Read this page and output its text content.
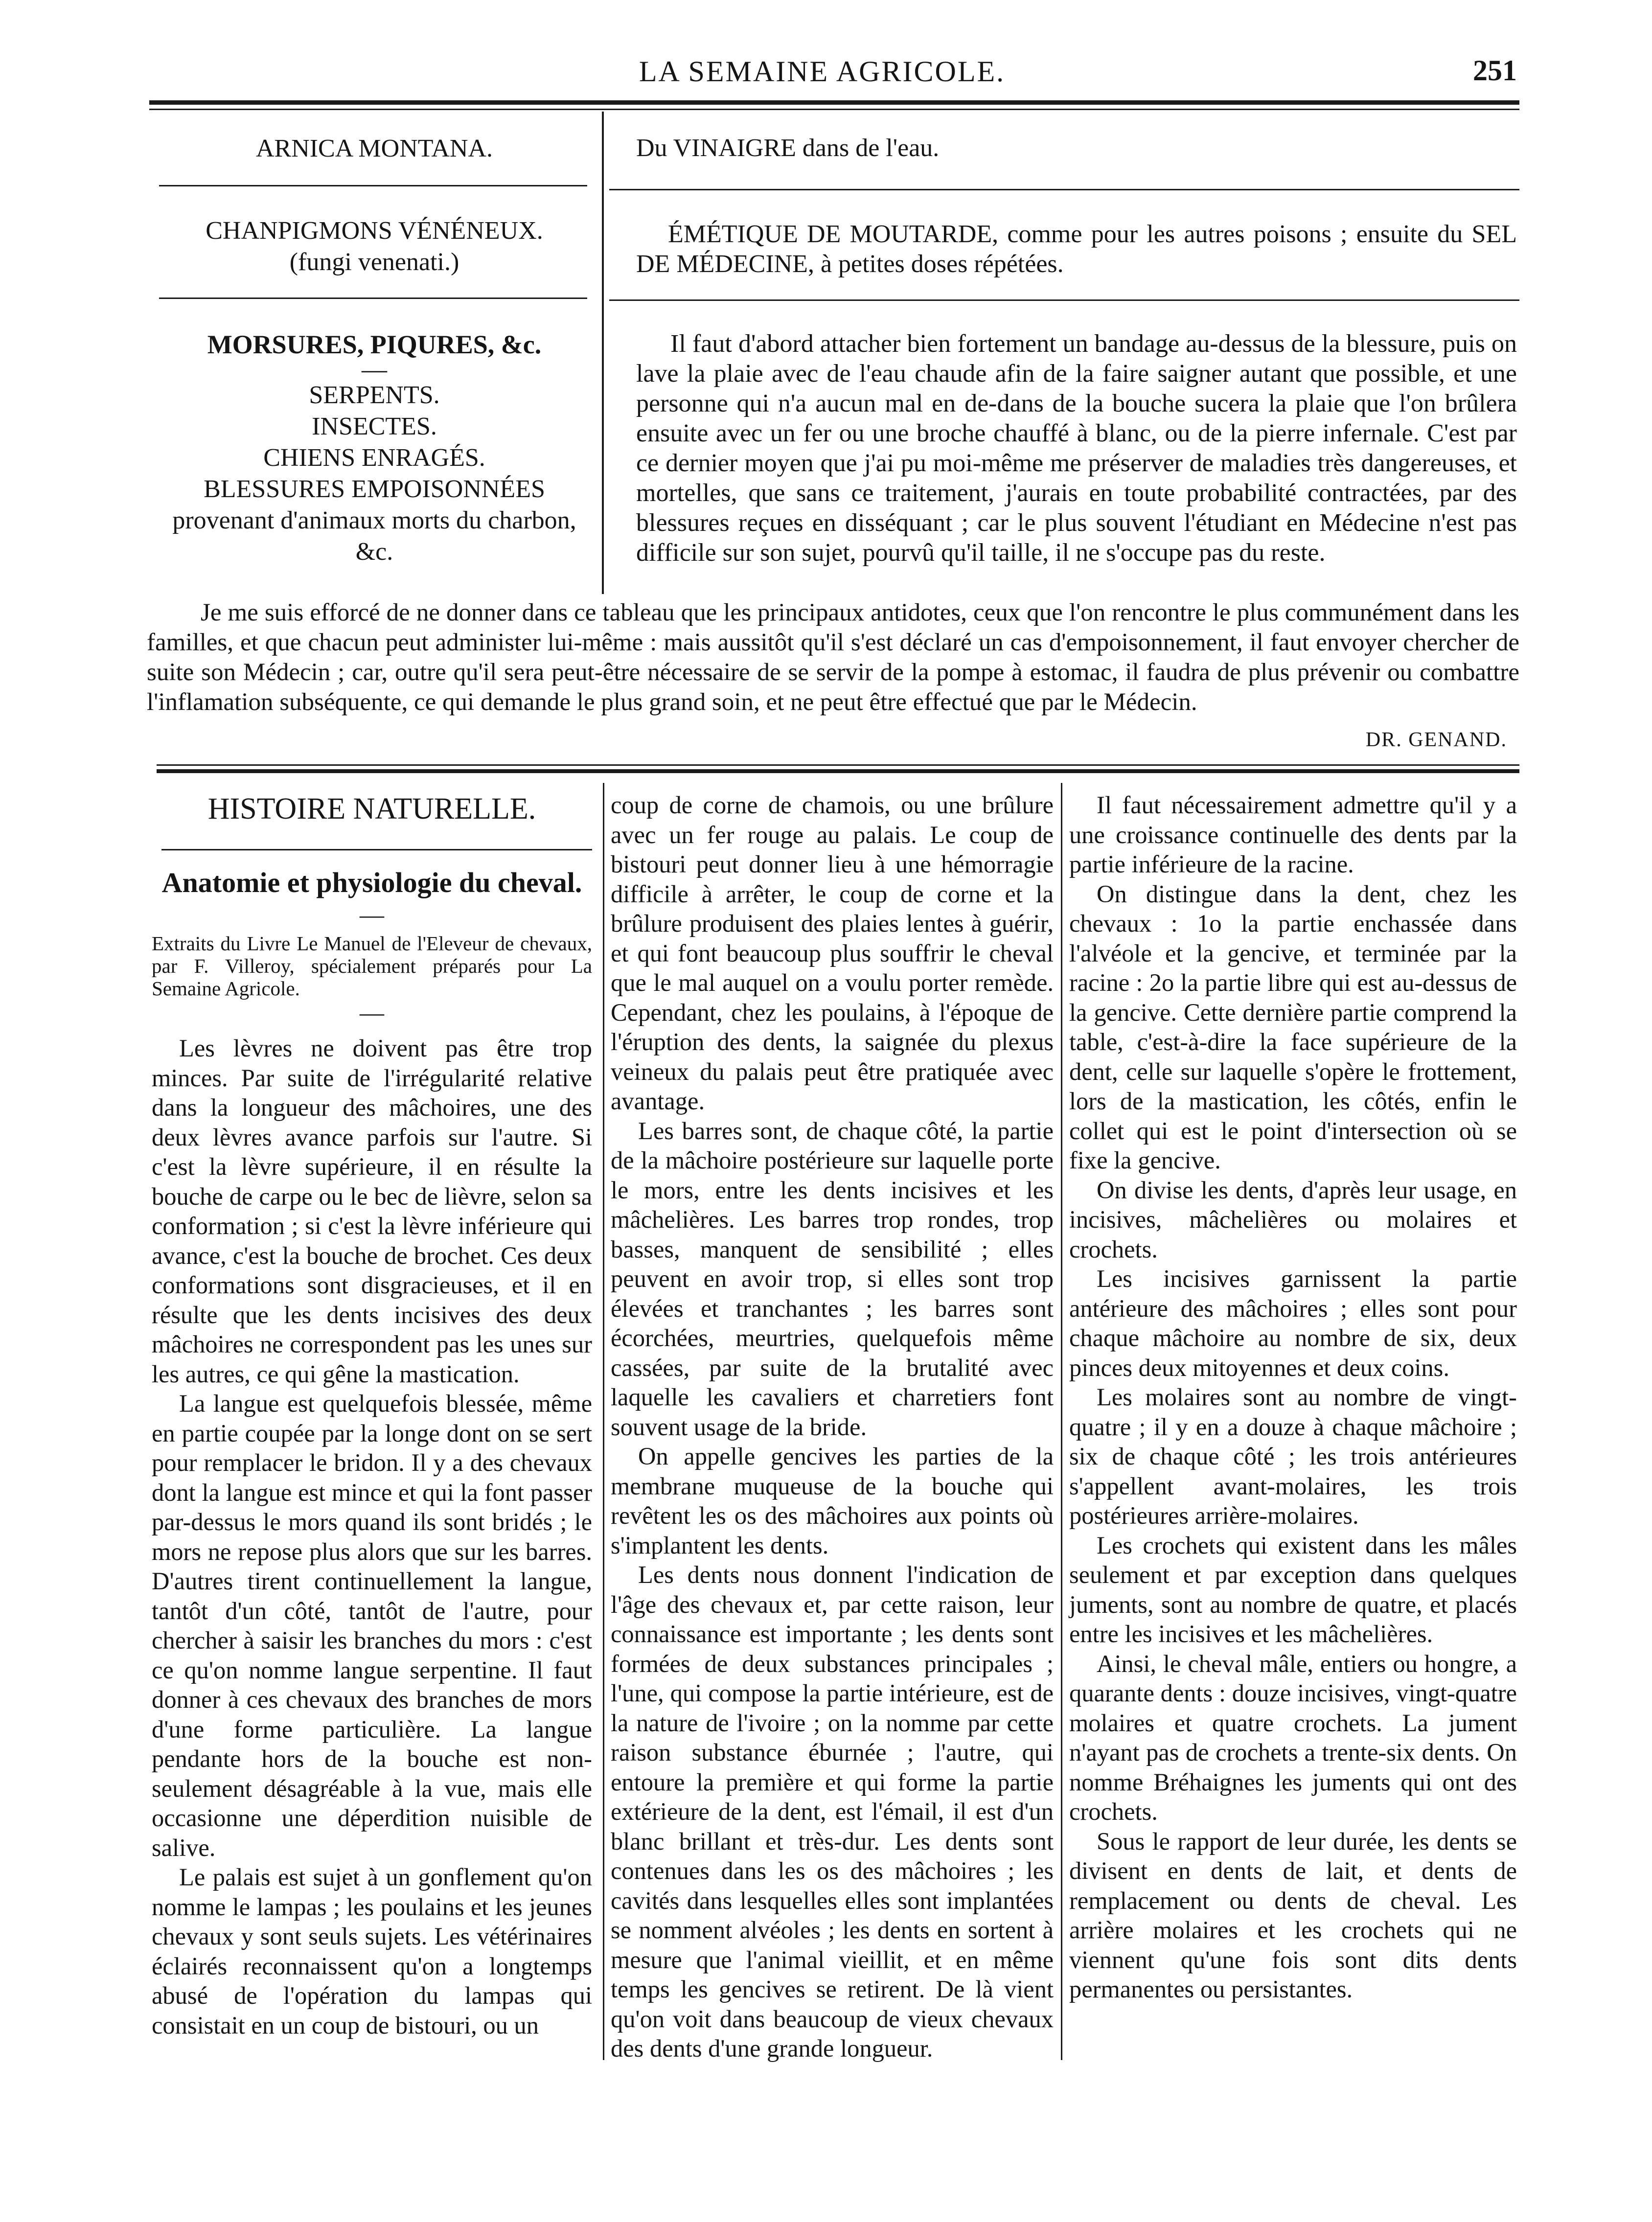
LA SEMAINE AGRICOLE.	251
ARNICA MONTANA.	Du VINAIGRE dans de l'eau.
CHANPIGMONS VÉNÉNEUX.
(fungi venenati.)
ÉMÉTIQUE DE MOUTARDE, comme pour les autres poisons ; ensuite du SEL DE MÉDECINE, à petites doses répétées.
MORSURES, PIQURES, &c.
—
SERPENTS.
INSECTES.
CHIENS ENRAGÉS.
BLESSURES EMPOISONNÉES
provenant d'animaux morts du charbon, &c.
Il faut d'abord attacher bien fortement un bandage au-dessus de la blessure, puis on lave la plaie avec de l'eau chaude afin de la faire saigner autant que possible, et une personne qui n'a aucun mal en de-dans de la bouche sucera la plaie que l'on brûlera ensuite avec un fer ou une broche chauffé à blanc, ou de la pierre infernale. C'est par ce dernier moyen que j'ai pu moi-même me préserver de maladies très dangereuses, et mortelles, que sans ce traitement, j'aurais en toute probabilité contractées, par des blessures reçues en disséquant ; car le plus souvent l'étudiant en Médecine n'est pas difficile sur son sujet, pourvû qu'il taille, il ne s'occupe pas du reste.
Je me suis efforcé de ne donner dans ce tableau que les principaux antidotes, ceux que l'on rencontre le plus communément dans les familles, et que chacun peut administer lui-même : mais aussitôt qu'il s'est déclaré un cas d'empoisonnement, il faut envoyer chercher de suite son Médecin ; car, outre qu'il sera peut-être nécessaire de se servir de la pompe à estomac, il faudra de plus prévenir ou combattre l'inflamation subséquente, ce qui demande le plus grand soin, et ne peut être effectué que par le Médecin.
DR. GENAND.
HISTOIRE NATURELLE.
Anatomie et physiologie du cheval.
—
Extraits du Livre Le Manuel de l'Eleveur de chevaux, par F. Villeroy, spécialement préparés pour La Semaine Agricole.
—

Les lèvres ne doivent pas être trop minces. Par suite de l'irrégularité relative dans la longueur des mâchoires, une des deux lèvres avance parfois sur l'autre. Si c'est la lèvre supérieure, il en résulte la bouche de carpe ou le bec de lièvre, selon sa conformation ; si c'est la lèvre inférieure qui avance, c'est la bouche de brochet. Ces deux conformations sont disgracieuses, et il en résulte que les dents incisives des deux mâchoires ne correspondent pas les unes sur les autres, ce qui gêne la mastication.

La langue est quelquefois blessée, même en partie coupée par la longe dont on se sert pour remplacer le bridon. Il y a des chevaux dont la langue est mince et qui la font passer par-dessus le mors quand ils sont bridés ; le mors ne repose plus alors que sur les barres. D'autres tirent continuellement la langue, tantôt d'un côté, tantôt de l'autre, pour chercher à saisir les branches du mors : c'est ce qu'on nomme langue serpentine. Il faut donner à ces chevaux des branches de mors d'une forme particulière. La langue pendante hors de la bouche est non-seulement désagréable à la vue, mais elle occasionne une déperdition nuisible de salive.

Le palais est sujet à un gonflement qu'on nomme le lampas ; les poulains et les jeunes chevaux y sont seuls sujets. Les vétérinaires éclairés reconnaissent qu'on a longtemps abusé de l'opération du lampas qui consistait en un coup de bistouri, ou un

coup de corne de chamois, ou une brûlure avec un fer rouge au palais. Le coup de bistouri peut donner lieu à une hémorragie difficile à arrêter, le coup de corne et la brûlure produisent des plaies lentes à guérir, et qui font beaucoup plus souffrir le cheval que le mal auquel on a voulu porter remède. Cependant, chez les poulains, à l'époque de l'éruption des dents, la saignée du plexus veineux du palais peut être pratiquée avec avantage.

Les barres sont, de chaque côté, la partie de la mâchoire postérieure sur laquelle porte le mors, entre les dents incisives et les mâchelières. Les barres trop rondes, trop basses, manquent de sensibilité ; elles peuvent en avoir trop, si elles sont trop élevées et tranchantes ; les barres sont écorchées, meurtries, quelquefois même cassées, par suite de la brutalité avec laquelle les cavaliers et charretiers font souvent usage de la bride.

On appelle gencives les parties de la membrane muqueuse de la bouche qui revêtent les os des mâchoires aux points où s'implantent les dents.

Les dents nous donnent l'indication de l'âge des chevaux et, par cette raison, leur connaissance est importante ; les dents sont formées de deux substances principales ; l'une, qui compose la partie intérieure, est de la nature de l'ivoire ; on la nomme par cette raison substance éburnée ; l'autre, qui entoure la première et qui forme la partie extérieure de la dent, est l'émail, il est d'un blanc brillant et très-dur. Les dents sont contenues dans les os des mâchoires ; les cavités dans lesquelles elles sont implantées se nomment alvéoles ; les dents en sortent à mesure que l'animal vieillit, et en même temps les gencives se retirent. De là vient qu'on voit dans beaucoup de vieux chevaux des dents d'une grande longueur.

Il faut nécessairement admettre qu'il y a une croissance continuelle des dents par la partie inférieure de la racine.

On distingue dans la dent, chez les chevaux : 1o la partie enchassée dans l'alvéole et la gencive, et terminée par la racine : 2o la partie libre qui est au-dessus de la gencive. Cette dernière partie comprend la table, c'est-à-dire la face supérieure de la dent, celle sur laquelle s'opère le frottement, lors de la mastication, les côtés, enfin le collet qui est le point d'intersection où se fixe la gencive.

On divise les dents, d'après leur usage, en incisives, mâchelières ou molaires et crochets.

Les incisives garnissent la partie antérieure des mâchoires ; elles sont pour chaque mâchoire au nombre de six, deux pinces deux mitoyennes et deux coins.

Les molaires sont au nombre de vingt-quatre ; il y en a douze à chaque mâchoire ; six de chaque côté ; les trois antérieures s'appellent avant-molaires, les trois postérieures arrière-molaires.

Les crochets qui existent dans les mâles seulement et par exception dans quelques juments, sont au nombre de quatre, et placés entre les incisives et les mâchelières.

Ainsi, le cheval mâle, entiers ou hongre, a quarante dents : douze incisives, vingt-quatre molaires et quatre crochets. La jument n'ayant pas de crochets a trente-six dents. On nomme Bréhaignes les juments qui ont des crochets.

Sous le rapport de leur durée, les dents se divisent en dents de lait, et dents de remplacement ou dents de cheval. Les arrière molaires et les crochets qui ne viennent qu'une fois sont dits dents permanentes ou persistantes.
